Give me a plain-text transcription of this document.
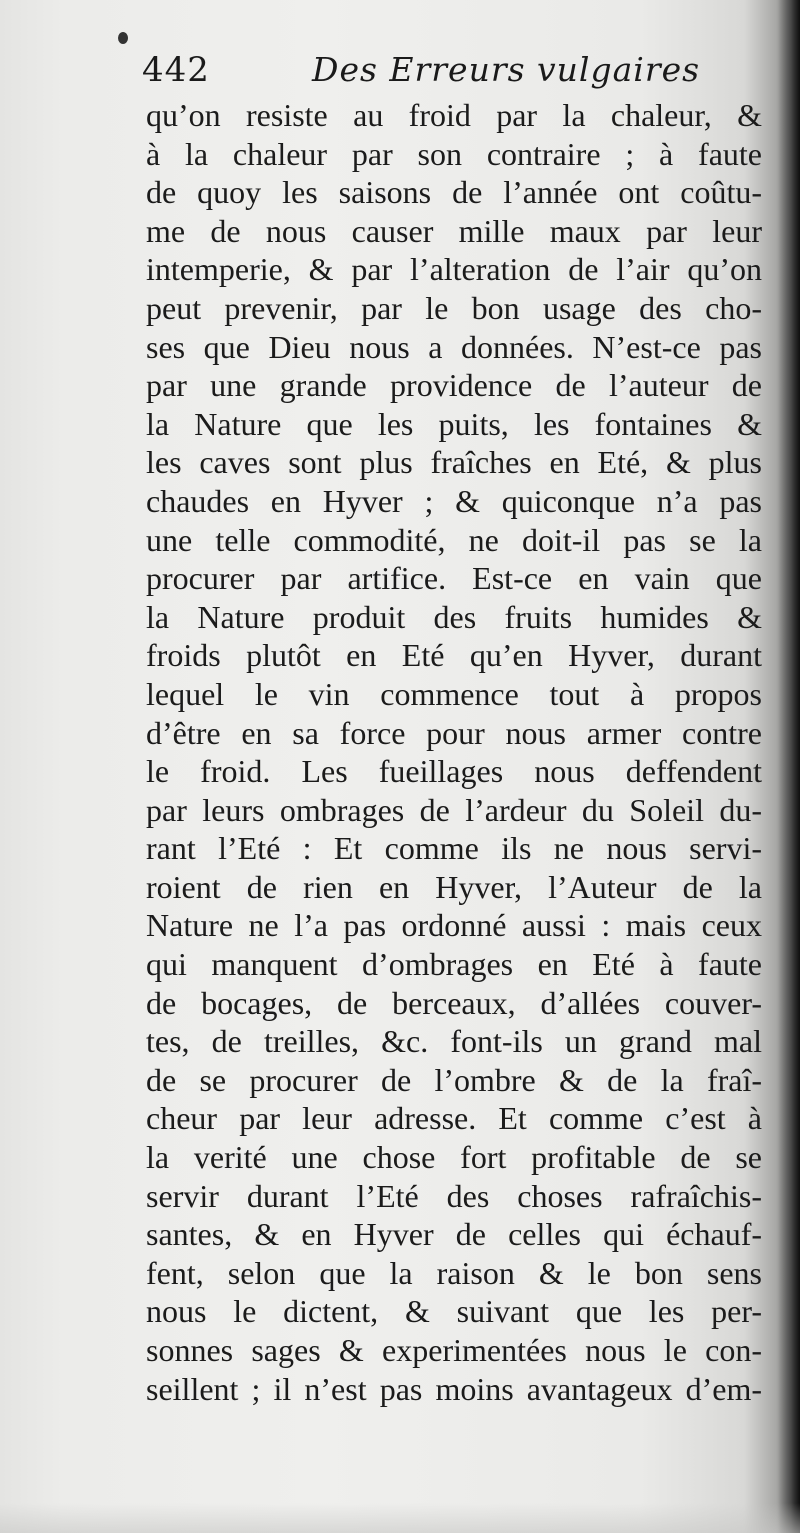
442	Des Erreurs vulgaires
qu’on resiste au froid par la chaleur, &
à la chaleur par son contraire ; à faute
de quoy les saisons de l’année ont coûtu-
me de nous causer mille maux par leur
intemperie, & par l’alteration de l’air qu’on
peut prevenir, par le bon usage des cho-
ses que Dieu nous a données. N’est-ce pas
par une grande providence de l’auteur de
la Nature que les puits, les fontaines &
les caves sont plus fraîches en Eté, & plus
chaudes en Hyver ; & quiconque n’a pas
une telle commodité, ne doit-il pas se la
procurer par artifice. Est-ce en vain que
la Nature produit des fruits humides &
froids plutôt en Eté qu’en Hyver, durant
lequel le vin commence tout à propos
d’être en sa force pour nous armer contre
le froid. Les fueillages nous deffendent
par leurs ombrages de l’ardeur du Soleil du-
rant l’Eté : Et comme ils ne nous servi-
roient de rien en Hyver, l’Auteur de la
Nature ne l’a pas ordonné aussi : mais ceux
qui manquent d’ombrages en Eté à faute
de bocages, de berceaux, d’allées couver-
tes, de treilles, &c. font-ils un grand mal
de se procurer de l’ombre & de la fraî-
cheur par leur adresse. Et comme c’est à
la verité une chose fort profitable de se
servir durant l’Eté des choses rafraîchis-
santes, & en Hyver de celles qui échauf-
fent, selon que la raison & le bon sens
nous le dictent, & suivant que les per-
sonnes sages & experimentées nous le con-
seillent ; il n’est pas moins avantageux d’em-
